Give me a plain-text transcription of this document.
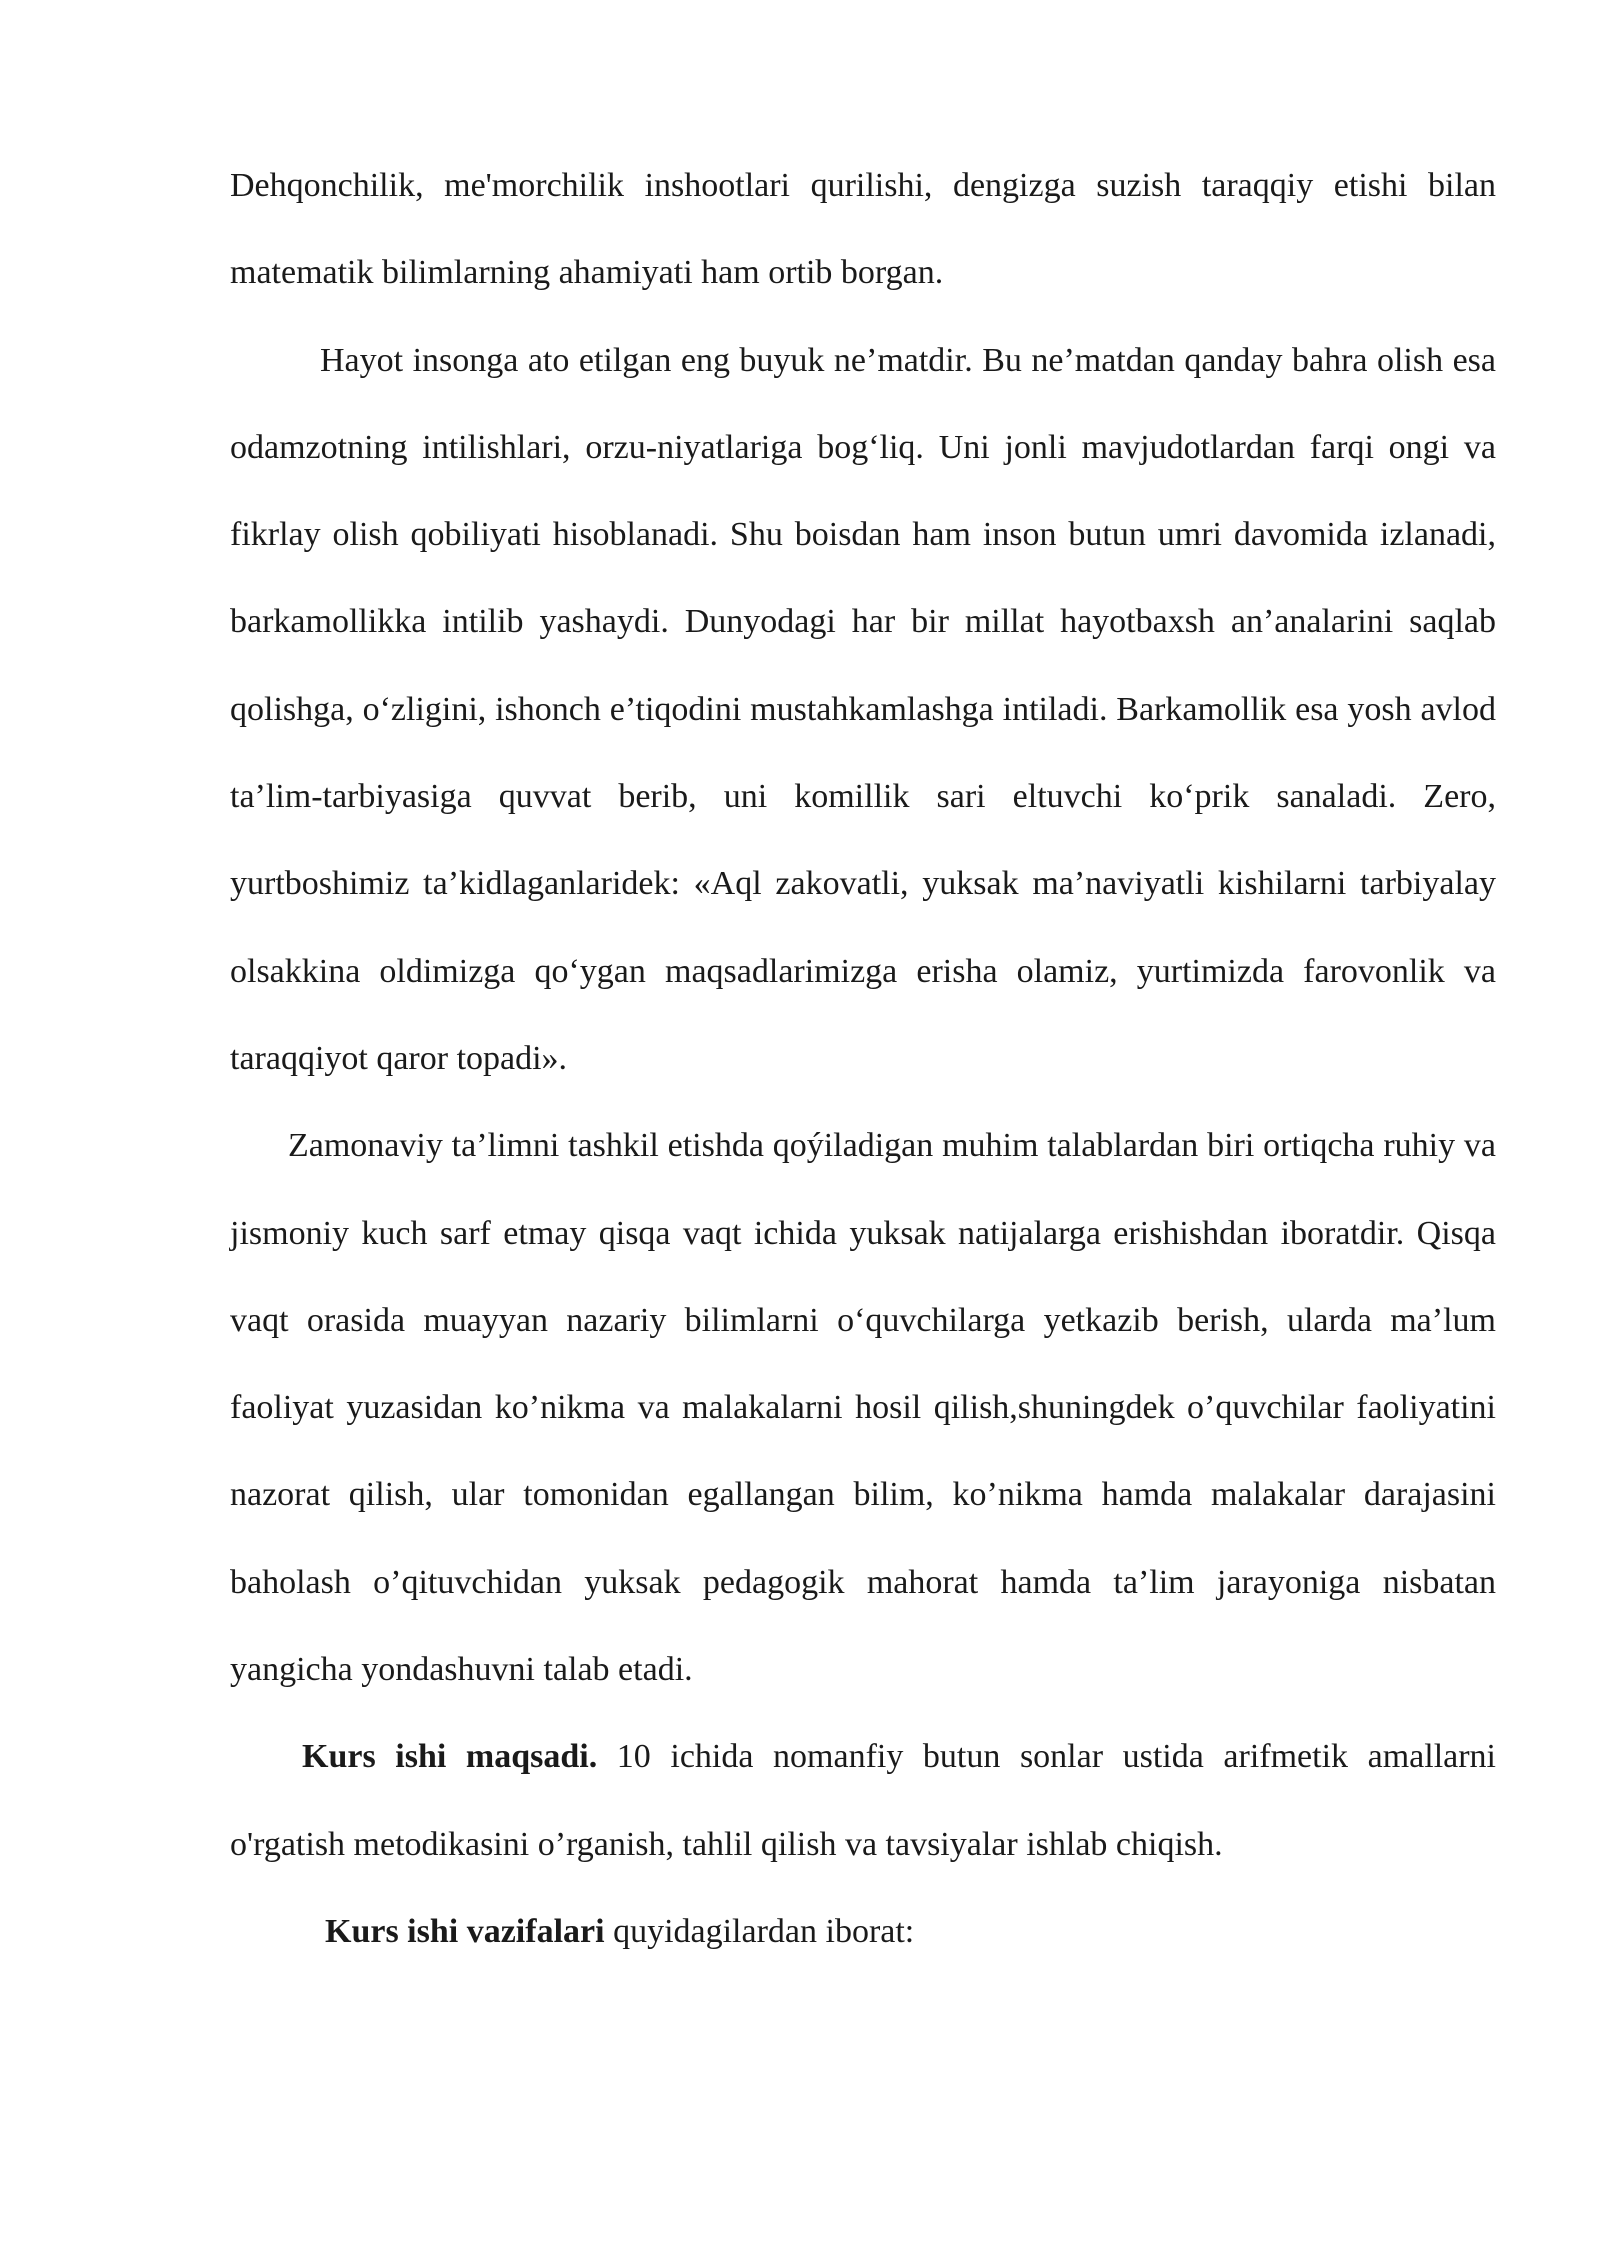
Dehqonchilik, me'morchilik inshootlari qurilishi, dengizga suzish taraqqiy etishi bilan matematik bilimlarning ahamiyati ham ortib borgan.

Hayot insonga ato etilgan eng buyuk ne’matdir. Bu ne’matdan qanday bahra olish esa odamzotning intilishlari, orzu-niyatlariga bog‘liq. Uni jonli mavjudotlardan farqi ongi va fikrlay olish qobiliyati hisoblanadi. Shu boisdan ham inson butun umri davomida izlanadi, barkamollikka intilib yashaydi. Dunyodagi har bir millat hayotbaxsh an’analarini saqlab qolishga, o‘zligini, ishonch e’tiqodini mustahkamlashga intiladi. Barkamollik esa yosh avlod ta’lim-tarbiyasiga quvvat berib, uni komillik sari eltuvchi ko‘prik sanaladi. Zero, yurtboshimiz ta’kidlaganlaridek: «Aql zakovatli, yuksak ma’naviyatli kishilarni tarbiyalay olsakkina oldimizga qo‘ygan maqsadlarimizga erisha olamiz, yurtimizda farovonlik va taraqqiyot qaror topadi».

Zamonaviy ta’limni tashkil etishda qoýiladigan muhim talablardan biri ortiqcha ruhiy va jismoniy kuch sarf etmay qisqa vaqt ichida yuksak natijalarga erishishdan iboratdir. Qisqa vaqt orasida muayyan nazariy bilimlarni o‘quvchilarga yetkazib berish, ularda ma’lum faoliyat yuzasidan ko’nikma va malakalarni hosil qilish,shuningdek o’quvchilar faoliyatini nazorat qilish, ular tomonidan egallangan bilim, ko’nikma hamda malakalar darajasini baholash o’qituvchidan yuksak pedagogik mahorat hamda ta’lim jarayoniga nisbatan yangicha yondashuvni talab etadi.

Kurs ishi maqsadi. 10 ichida nomanfiy butun sonlar ustida arifmetik amallarni o'rgatish metodikasini o’rganish, tahlil qilish va tavsiyalar ishlab chiqish.

Kurs ishi vazifalari quyidagilardan iborat:
